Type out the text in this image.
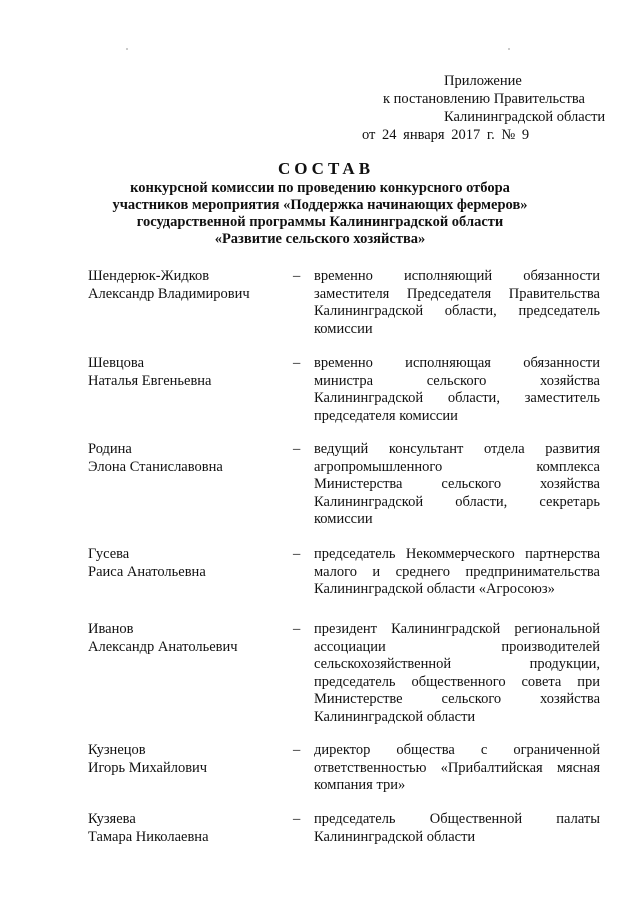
Приложение
к постановлению Правительства
Калининградской области
от 24 января 2017 г. № 9
СОСТАВ
конкурсной комиссии по проведению конкурсного отбора
участников мероприятия «Поддержка начинающих фермеров»
государственной программы Калининградской области
«Развитие сельского хозяйства»
Шендерюк-Жидков
Александр Владимирович
– временно исполняющий обязанности заместителя Председателя Правительства Калининградской области, председатель комиссии
Шевцова
Наталья Евгеньевна
– временно исполняющая обязанности министра сельского хозяйства Калининградской области, заместитель председателя комиссии
Родина
Элона Станиславовна
– ведущий консультант отдела развития агропромышленного комплекса Министерства сельского хозяйства Калининградской области, секретарь комиссии
Гусева
Раиса Анатольевна
– председатель Некоммерческого партнерства малого и среднего предпринимательства Калининградской области «Агросоюз»
Иванов
Александр Анатольевич
– президент Калининградской региональной ассоциации производителей сельскохозяйственной продукции, председатель общественного совета при Министерстве сельского хозяйства Калининградской области
Кузнецов
Игорь Михайлович
– директор общества с ограниченной ответственностью «Прибалтийская мясная компания три»
Кузяева
Тамара Николаевна
– председатель Общественной палаты Калининградской области
